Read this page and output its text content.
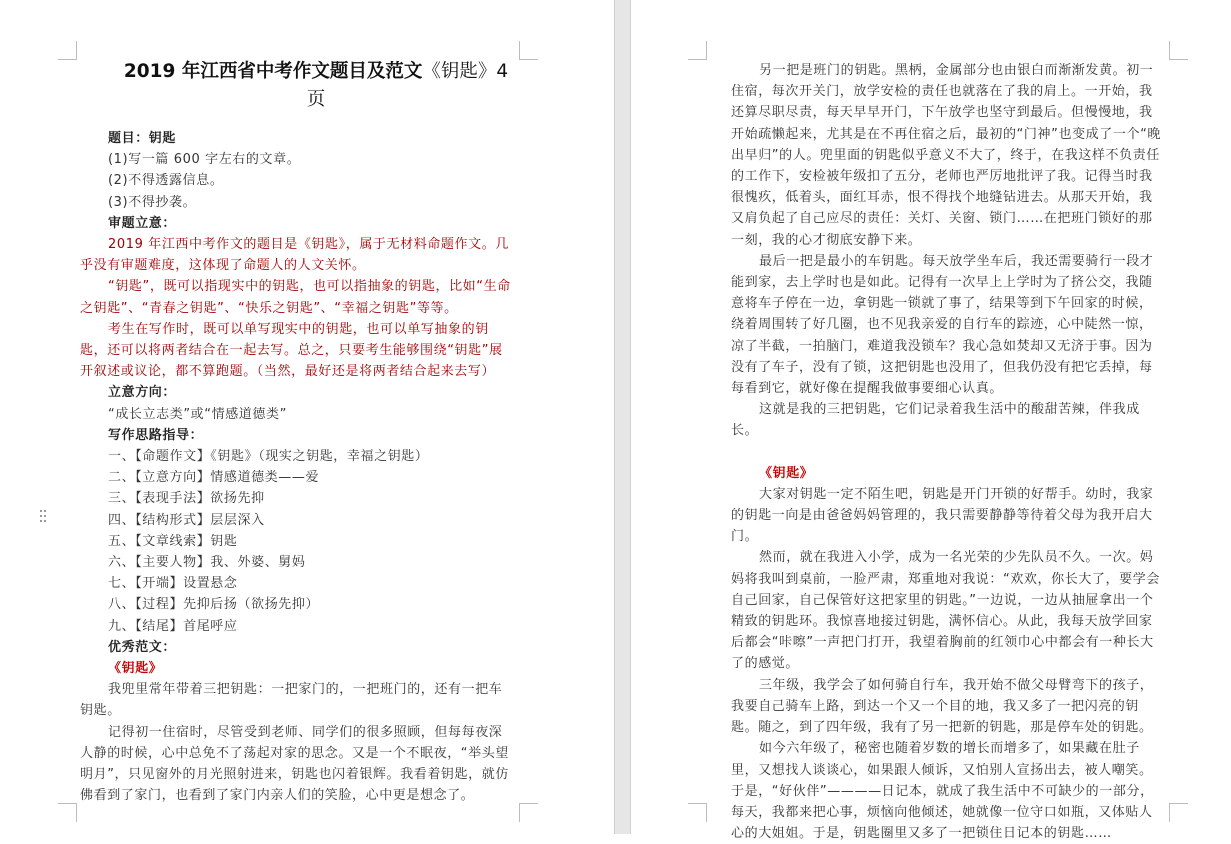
2019 年江西省中考作文题目及范文《钥匙》4 页

题目：钥匙

(1)写一篇 600 字左右的文章。

(2)不得透露信息。

(3)不得抄袭。

审题立意：

2019 年江西中考作文的题目是《钥匙》，属于无材料命题作文。几乎没有审题难度，这体现了命题人的人文关怀。

“钥匙”，既可以指现实中的钥匙，也可以指抽象的钥匙，比如“生命之钥匙”、“青春之钥匙”、“快乐之钥匙”、“幸福之钥匙”等等。

考生在写作时，既可以单写现实中的钥匙，也可以单写抽象的钥匙，还可以将两者结合在一起去写。总之，只要考生能够围绕“钥匙”展开叙述或议论，都不算跑题。（当然，最好还是将两者结合起来去写）

立意方向：

“成长立志类”或“情感道德类”

写作思路指导：

一、【命题作文】《钥匙》（现实之钥匙，幸福之钥匙）

二、【立意方向】情感道德类——爱

三、【表现手法】欲扬先抑

四、【结构形式】层层深入

五、【文章线索】钥匙

六、【主要人物】我、外婆、舅妈

七、【开端】设置悬念

八、【过程】先抑后扬（欲扬先抑）

九、【结尾】首尾呼应

优秀范文：

《钥匙》

我兜里常年带着三把钥匙：一把家门的，一把班门的，还有一把车钥匙。

记得初一住宿时，尽管受到老师、同学们的很多照顾，但每每夜深人静的时候，心中总免不了荡起对家的思念。又是一个不眠夜，“举头望明月”，只见窗外的月光照射进来，钥匙也闪着银辉。我看着钥匙，就仿佛看到了家门，也看到了家门内亲人们的笑脸，心中更是想念了。

另一把是班门的钥匙。黑柄，金属部分也由银白而渐渐发黄。初一住宿，每次开关门，放学安检的责任也就落在了我的肩上。一开始，我还算尽职尽责，每天早早开门，下午放学也坚守到最后。但慢慢地，我开始疏懒起来，尤其是在不再住宿之后，最初的“门神”也变成了一个“晚出早归”的人。兜里面的钥匙似乎意义不大了，终于，在我这样不负责任的工作下，安检被年级扣了五分，老师也严厉地批评了我。记得当时我很愧疚，低着头，面红耳赤，恨不得找个地缝钻进去。从那天开始，我又肩负起了自己应尽的责任：关灯、关窗、锁门……在把班门锁好的那一刻，我的心才彻底安静下来。

最后一把是最小的车钥匙。每天放学坐车后，我还需要骑行一段才能到家，去上学时也是如此。记得有一次早上上学时为了挤公交，我随意将车子停在一边，拿钥匙一锁就了事了，结果等到下午回家的时候，绕着周围转了好几圈，也不见我亲爱的自行车的踪迹，心中陡然一惊，凉了半截，一拍脑门，难道我没锁车？我心急如焚却又无济于事。因为没有了车子，没有了锁，这把钥匙也没用了，但我仍没有把它丢掉，每每看到它，就好像在提醒我做事要细心认真。

这就是我的三把钥匙，它们记录着我生活中的酸甜苦辣，伴我成长。

《钥匙》

大家对钥匙一定不陌生吧，钥匙是开门开锁的好帮手。幼时，我家的钥匙一向是由爸爸妈妈管理的，我只需要静静等待着父母为我开启大门。

然而，就在我进入小学，成为一名光荣的少先队员不久。一次。妈妈将我叫到桌前，一脸严肃，郑重地对我说：“欢欢，你长大了，要学会自己回家，自己保管好这把家里的钥匙。”一边说，一边从抽屉拿出一个精致的钥匙环。我惊喜地接过钥匙，满怀信心。从此，我每天放学回家后都会“咔嚓”一声把门打开，我望着胸前的红领巾心中都会有一种长大了的感觉。

三年级，我学会了如何骑自行车，我开始不做父母臂弯下的孩子，我要自己骑车上路，到达一个又一个目的地，我又多了一把闪亮的钥匙。随之，到了四年级，我有了另一把新的钥匙，那是停车处的钥匙。

如今六年级了，秘密也随着岁数的增长而增多了，如果藏在肚子里，又想找人谈谈心，如果跟人倾诉，又怕别人宣扬出去，被人嘲笑。于是，“好伙伴”————日记本，就成了我生活中不可缺少的一部分，每天，我都来把心事，烦恼向他倾述，她就像一位守口如瓶，又体贴人心的大姐姐。于是，钥匙圈里又多了一把锁住日记本的钥匙……
